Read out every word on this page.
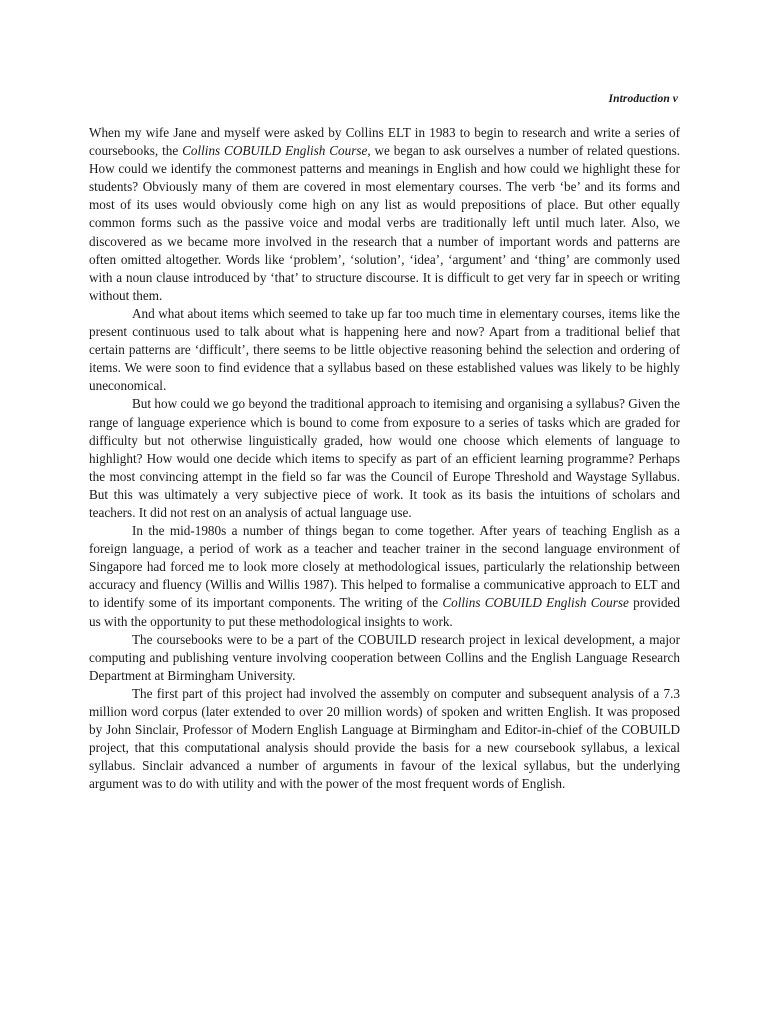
Introduction v

When my wife Jane and myself were asked by Collins ELT in 1983 to begin to research and write a series of coursebooks, the Collins COBUILD English Course, we began to ask ourselves a number of related questions. How could we identify the commonest patterns and meanings in English and how could we highlight these for students? Obviously many of them are covered in most elementary courses. The verb ‘be’ and its forms and most of its uses would obviously come high on any list as would prepositions of place. But other equally common forms such as the passive voice and modal verbs are traditionally left until much later. Also, we discovered as we became more involved in the research that a number of important words and patterns are often omitted altogether. Words like ‘problem’, ‘solution’, ‘idea’, ‘argument’ and ‘thing’ are commonly used with a noun clause introduced by ‘that’ to structure discourse. It is difficult to get very far in speech or writing without them.

And what about items which seemed to take up far too much time in elementary courses, items like the present continuous used to talk about what is happening here and now? Apart from a traditional belief that certain patterns are ‘difficult’, there seems to be little objective reasoning behind the selection and ordering of items. We were soon to find evidence that a syllabus based on these established values was likely to be highly uneconomical.

But how could we go beyond the traditional approach to itemising and organising a syllabus? Given the range of language experience which is bound to come from exposure to a series of tasks which are graded for difficulty but not otherwise linguistically graded, how would one choose which elements of language to highlight? How would one decide which items to specify as part of an efficient learning programme? Perhaps the most convincing attempt in the field so far was the Council of Europe Threshold and Waystage Syllabus. But this was ultimately a very subjective piece of work. It took as its basis the intuitions of scholars and teachers. It did not rest on an analysis of actual language use.

In the mid-1980s a number of things began to come together. After years of teaching English as a foreign language, a period of work as a teacher and teacher trainer in the second language environment of Singapore had forced me to look more closely at methodological issues, particularly the relationship between accuracy and fluency (Willis and Willis 1987). This helped to formalise a communicative approach to ELT and to identify some of its important components. The writing of the Collins COBUILD English Course provided us with the opportunity to put these methodological insights to work.

The coursebooks were to be a part of the COBUILD research project in lexical development, a major computing and publishing venture involving cooperation between Collins and the English Language Research Department at Birmingham University.

The first part of this project had involved the assembly on computer and subsequent analysis of a 7.3 million word corpus (later extended to over 20 million words) of spoken and written English. It was proposed by John Sinclair, Professor of Modern English Language at Birmingham and Editor-in-chief of the COBUILD project, that this computational analysis should provide the basis for a new coursebook syllabus, a lexical syllabus. Sinclair advanced a number of arguments in favour of the lexical syllabus, but the underlying argument was to do with utility and with the power of the most frequent words of English.
